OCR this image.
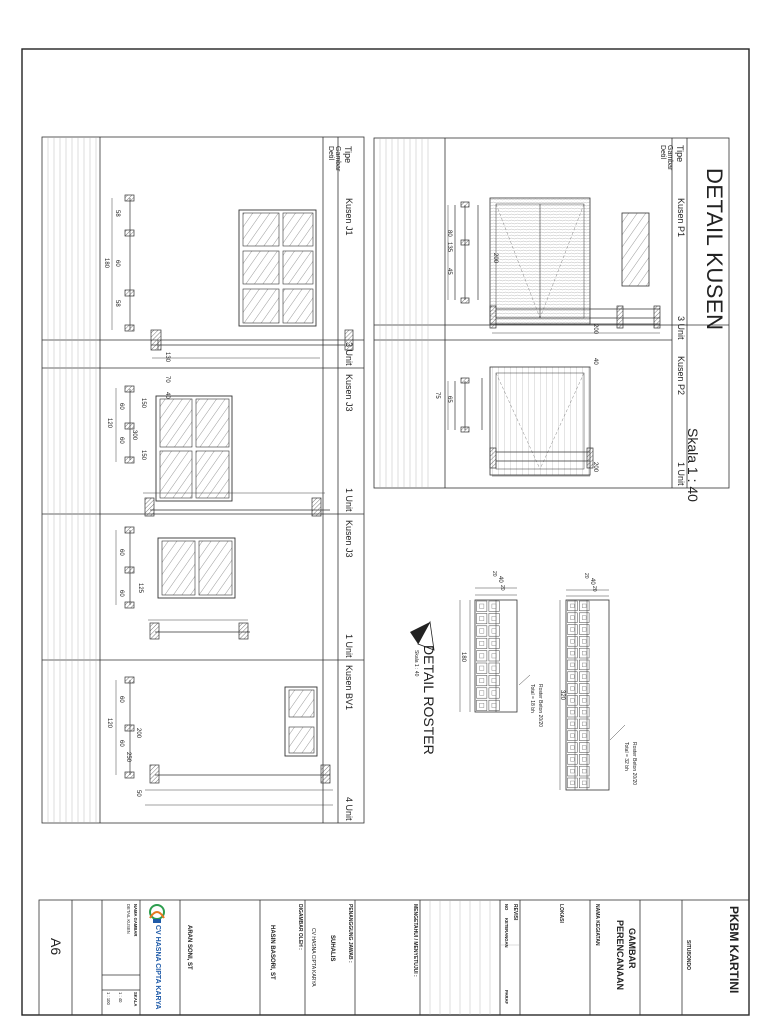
DETAIL KUSEN
Skala 1 : 40
Tipe
Gambar
Detil
Kusen P1
3 Unit
Kusen P2
1 Unit
200
200
40
80
135
45
200
65
75
Tipe
Gambar
Detil
Kusen J1
3 Unit
Kusen J3
1 Unit
Kusen J3
1 Unit
Kusen BV1
4 Unit
130
70
40
58
60
58
180
150
150
300
60
60
120
125
60
60
200
50
250
60
60
120	DETAIL ROSTER
Skala 1 : 40
40
20
20
320
Roster Beton 20/20
Total = 32 bh
40
20
20
180
Roster Beton 20/20
Total = 18 bh
PKBM KARTINI
SITUBONDO
GAMBAR
PERENCANAAN
NAMA KEGIATAN
LOKASI
REVISI
NO
KETERANGAN
PARAF
MENGETAHUI / MENYETUJUI :
PENANGGUNG JAWAB :
SUHALIS
CV HASNA CIPTA KARYA
DIGAMBAR OLEH :
HASIN BASORI, ST
ARAN SONI, ST
CV HASNA CIPTA KARYA
NAMA GAMBAR
SKALA
DETAIL KUSEN
1 : 40
1 : 100
A6
